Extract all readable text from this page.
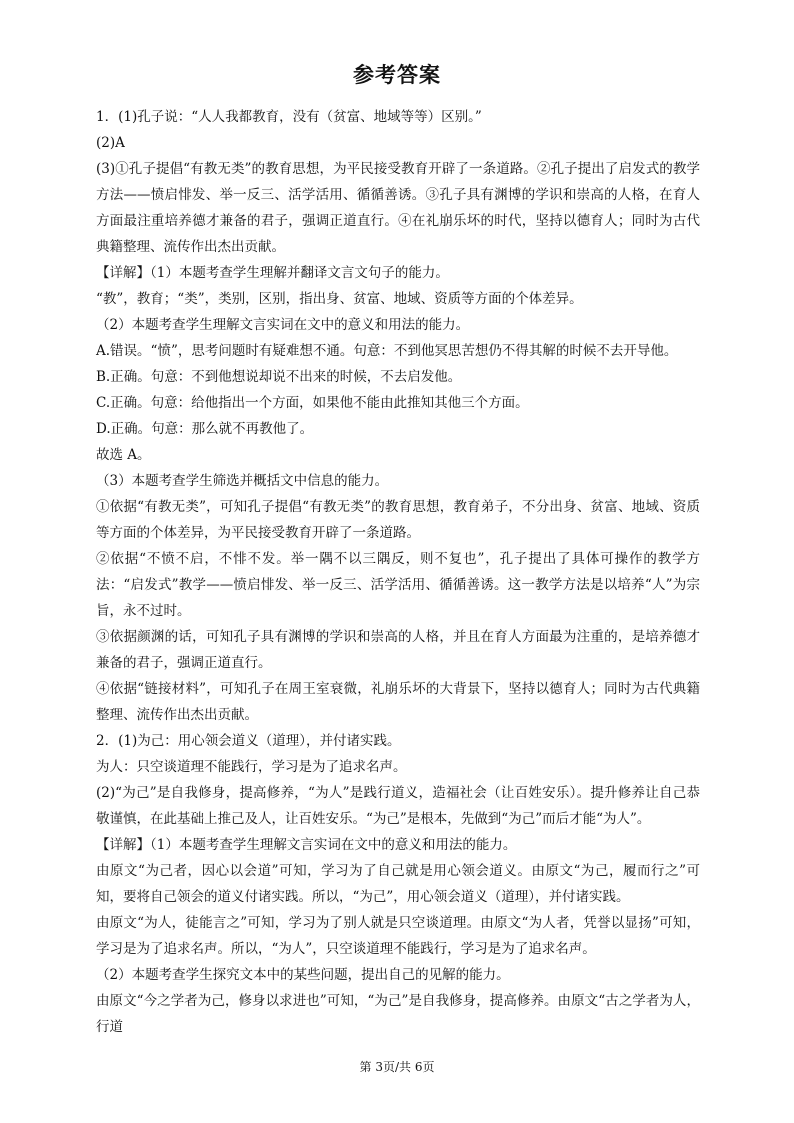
参考答案

1．(1)孔子说：“人人我都教育，没有（贫富、地域等等）区别。”

(2)A

(3)①孔子提倡“有教无类”的教育思想，为平民接受教育开辟了一条道路。②孔子提出了启发式的教学方法——愤启悱发、举一反三、活学活用、循循善诱。③孔子具有渊博的学识和崇高的人格，在育人方面最注重培养德才兼备的君子，强调正道直行。④在礼崩乐坏的时代，坚持以德育人；同时为古代典籍整理、流传作出杰出贡献。

【详解】（1）本题考查学生理解并翻译文言文句子的能力。

“教”，教育；“类”，类别，区别，指出身、贫富、地域、资质等方面的个体差异。

（2）本题考查学生理解文言实词在文中的意义和用法的能力。

A.错误。“愤”，思考问题时有疑难想不通。句意：不到他冥思苦想仍不得其解的时候不去开导他。

B.正确。句意：不到他想说却说不出来的时候，不去启发他。

C.正确。句意：给他指出一个方面，如果他不能由此推知其他三个方面。

D.正确。句意：那么就不再教他了。

故选 A。

（3）本题考查学生筛选并概括文中信息的能力。

①依据“有教无类”，可知孔子提倡“有教无类”的教育思想，教育弟子，不分出身、贫富、地域、资质等方面的个体差异，为平民接受教育开辟了一条道路。

②依据“不愤不启，不悱不发。举一隅不以三隅反，则不复也”，孔子提出了具体可操作的教学方法：“启发式”教学——愤启悱发、举一反三、活学活用、循循善诱。这一教学方法是以培养“人”为宗旨，永不过时。

③依据颜渊的话，可知孔子具有渊博的学识和崇高的人格，并且在育人方面最为注重的，是培养德才兼备的君子，强调正道直行。

④依据“链接材料”，可知孔子在周王室衰微，礼崩乐坏的大背景下，坚持以德育人；同时为古代典籍整理、流传作出杰出贡献。

2．(1)为己：用心领会道义（道理），并付诸实践。

为人：只空谈道理不能践行，学习是为了追求名声。

(2)“为己”是自我修身，提高修养，“为人”是践行道义，造福社会（让百姓安乐）。提升修养让自己恭敬谨慎，在此基础上推己及人，让百姓安乐。“为己”是根本，先做到“为己”而后才能“为人”。

【详解】（1）本题考查学生理解文言实词在文中的意义和用法的能力。

由原文“为己者，因心以会道”可知，学习为了自己就是用心领会道义。由原文“为己，履而行之”可知，要将自己领会的道义付诸实践。所以，“为己”，用心领会道义（道理），并付诸实践。

由原文“为人，徒能言之”可知，学习为了别人就是只空谈道理。由原文“为人者，凭誉以显扬”可知，学习是为了追求名声。所以，“为人”，只空谈道理不能践行，学习是为了追求名声。

（2）本题考查学生探究文本中的某些问题，提出自己的见解的能力。

由原文“今之学者为己，修身以求进也”可知，“为己”是自我修身，提高修养。由原文“古之学者为人，行道

第 3页/共 6页
